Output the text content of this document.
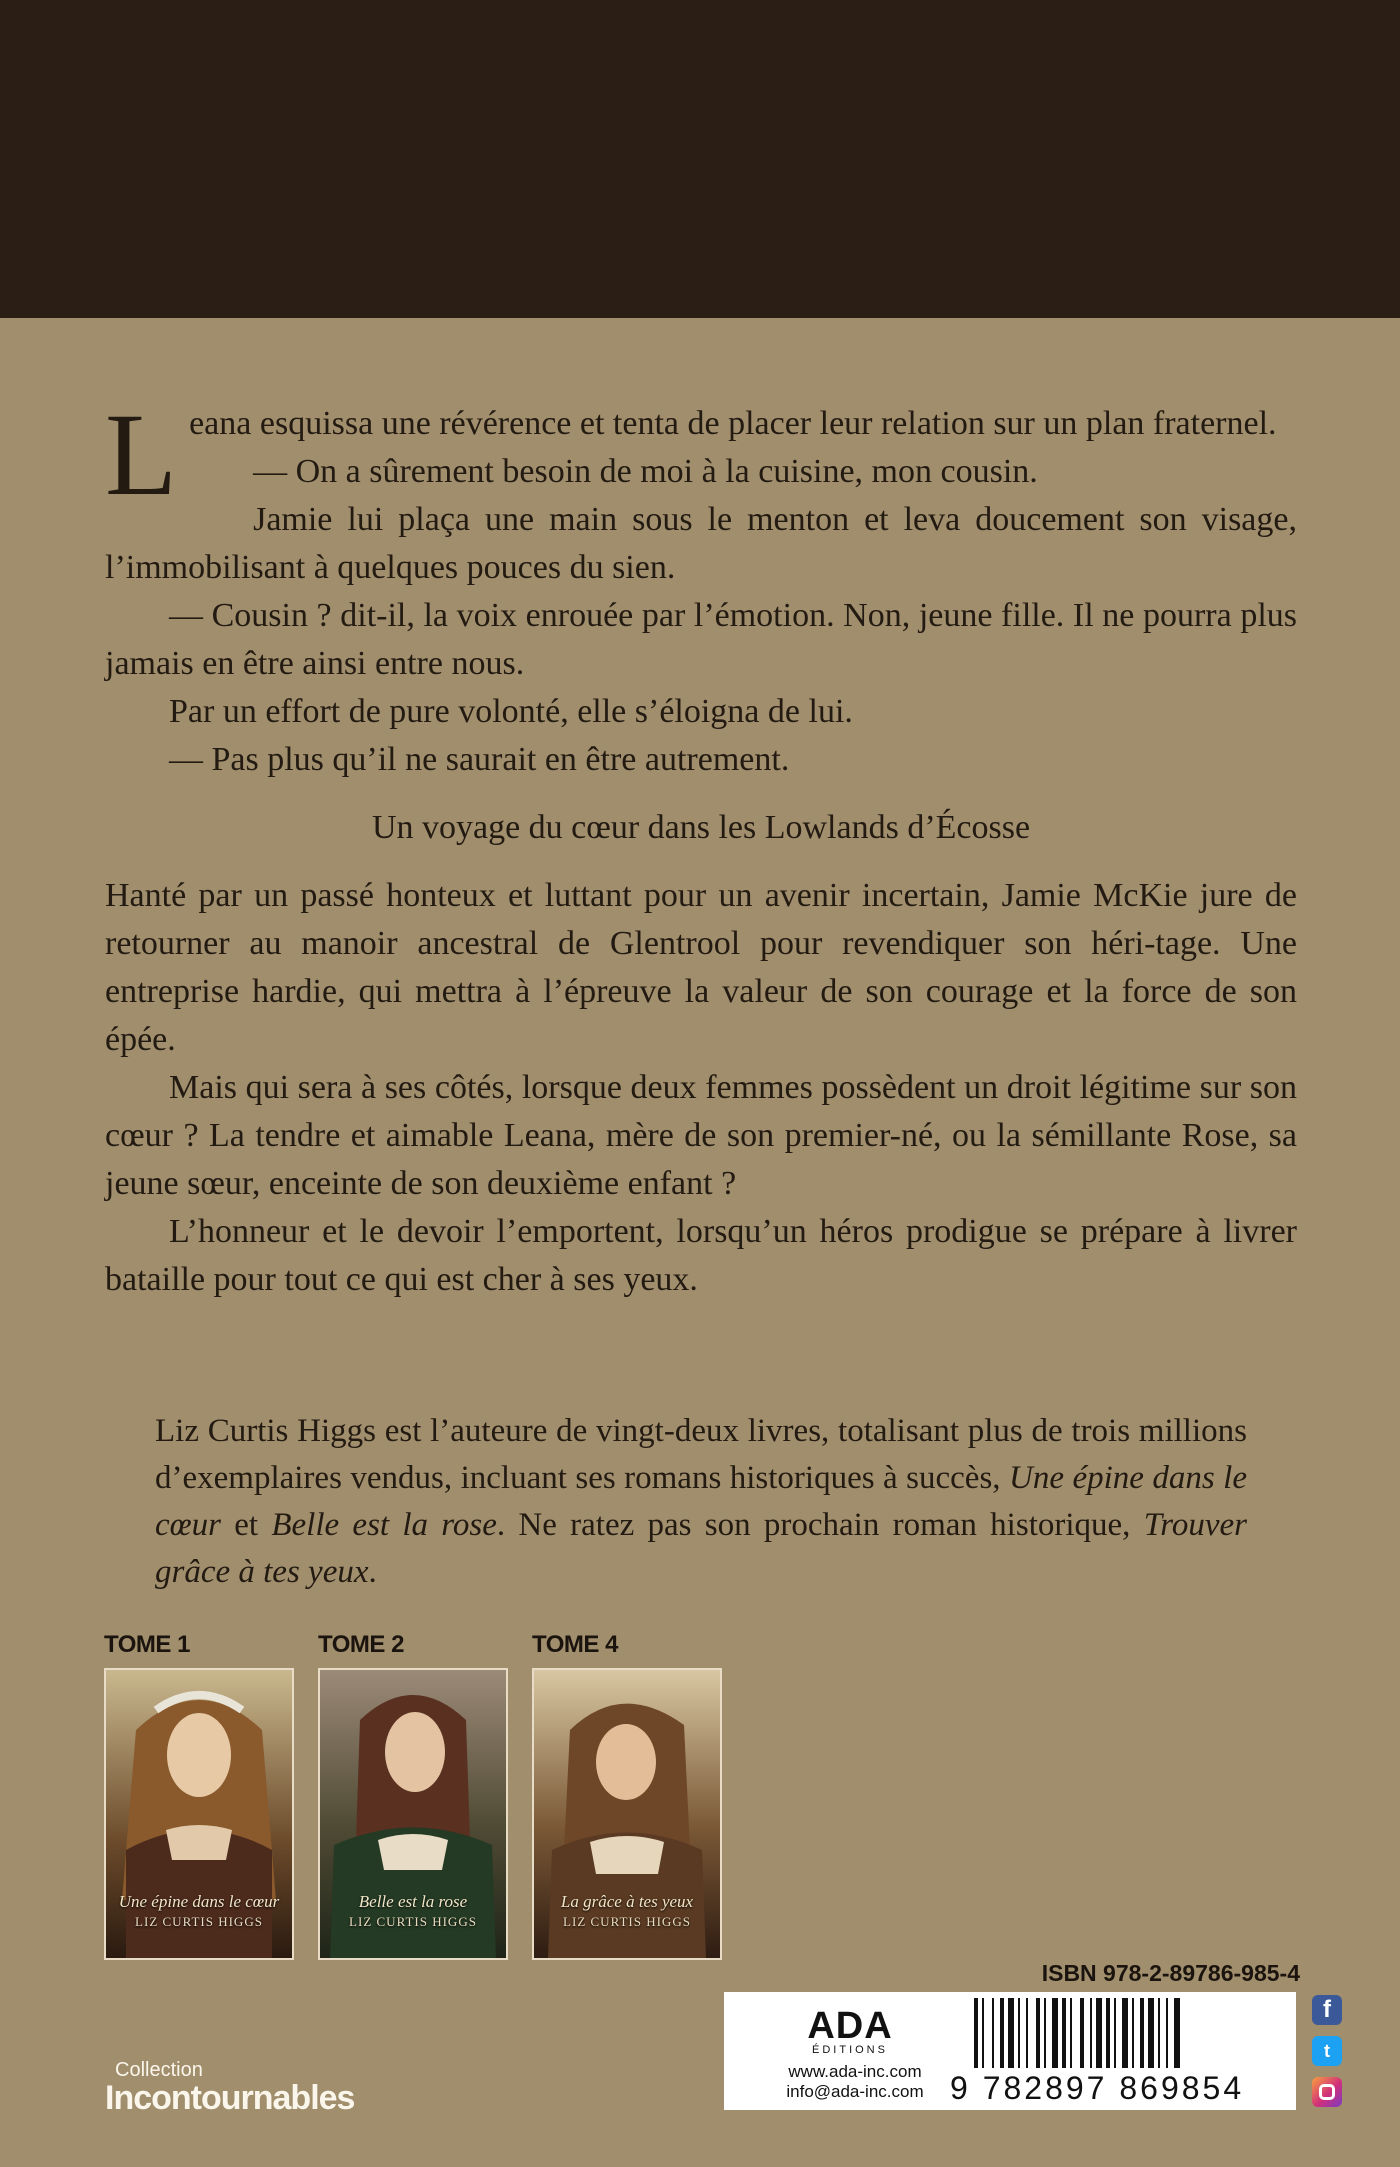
Leana esquissa une révérence et tenta de placer leur relation sur un plan fraternel.

— On a sûrement besoin de moi à la cuisine, mon cousin.

Jamie lui plaça une main sous le menton et leva doucement son visage, l’immobilisant à quelques pouces du sien.

— Cousin ? dit-il, la voix enrouée par l’émotion. Non, jeune fille. Il ne pourra plus jamais en être ainsi entre nous.

Par un effort de pure volonté, elle s’éloigna de lui.

— Pas plus qu’il ne saurait en être autrement.

Un voyage du cœur dans les Lowlands d’Écosse

Hanté par un passé honteux et luttant pour un avenir incertain, Jamie McKie jure de retourner au manoir ancestral de Glentrool pour revendiquer son héri-tage. Une entreprise hardie, qui mettra à l’épreuve la valeur de son courage et la force de son épée.

Mais qui sera à ses côtés, lorsque deux femmes possèdent un droit légitime sur son cœur ? La tendre et aimable Leana, mère de son premier-né, ou la sémillante Rose, sa jeune sœur, enceinte de son deuxième enfant ?

L’honneur et le devoir l’emportent, lorsqu’un héros prodigue se prépare à livrer bataille pour tout ce qui est cher à ses yeux.

Liz Curtis Higgs est l’auteure de vingt-deux livres, totalisant plus de trois millions d’exemplaires vendus, incluant ses romans historiques à succès, Une épine dans le cœur et Belle est la rose. Ne ratez pas son prochain roman historique, Trouver grâce à tes yeux.

TOME 1
Une épine dans le cœur
LIZ CURTIS HIGGS
TOME 2
Belle est la rose
LIZ CURTIS HIGGS
TOME 4
La grâce à tes yeux
LIZ CURTIS HIGGS
ISBN 978-2-89786-985-4
ADA
ÉDITIONS
www.ada-inc.com
info@ada-inc.com 9 782897 869854
f
t
Collection
Incontournables
